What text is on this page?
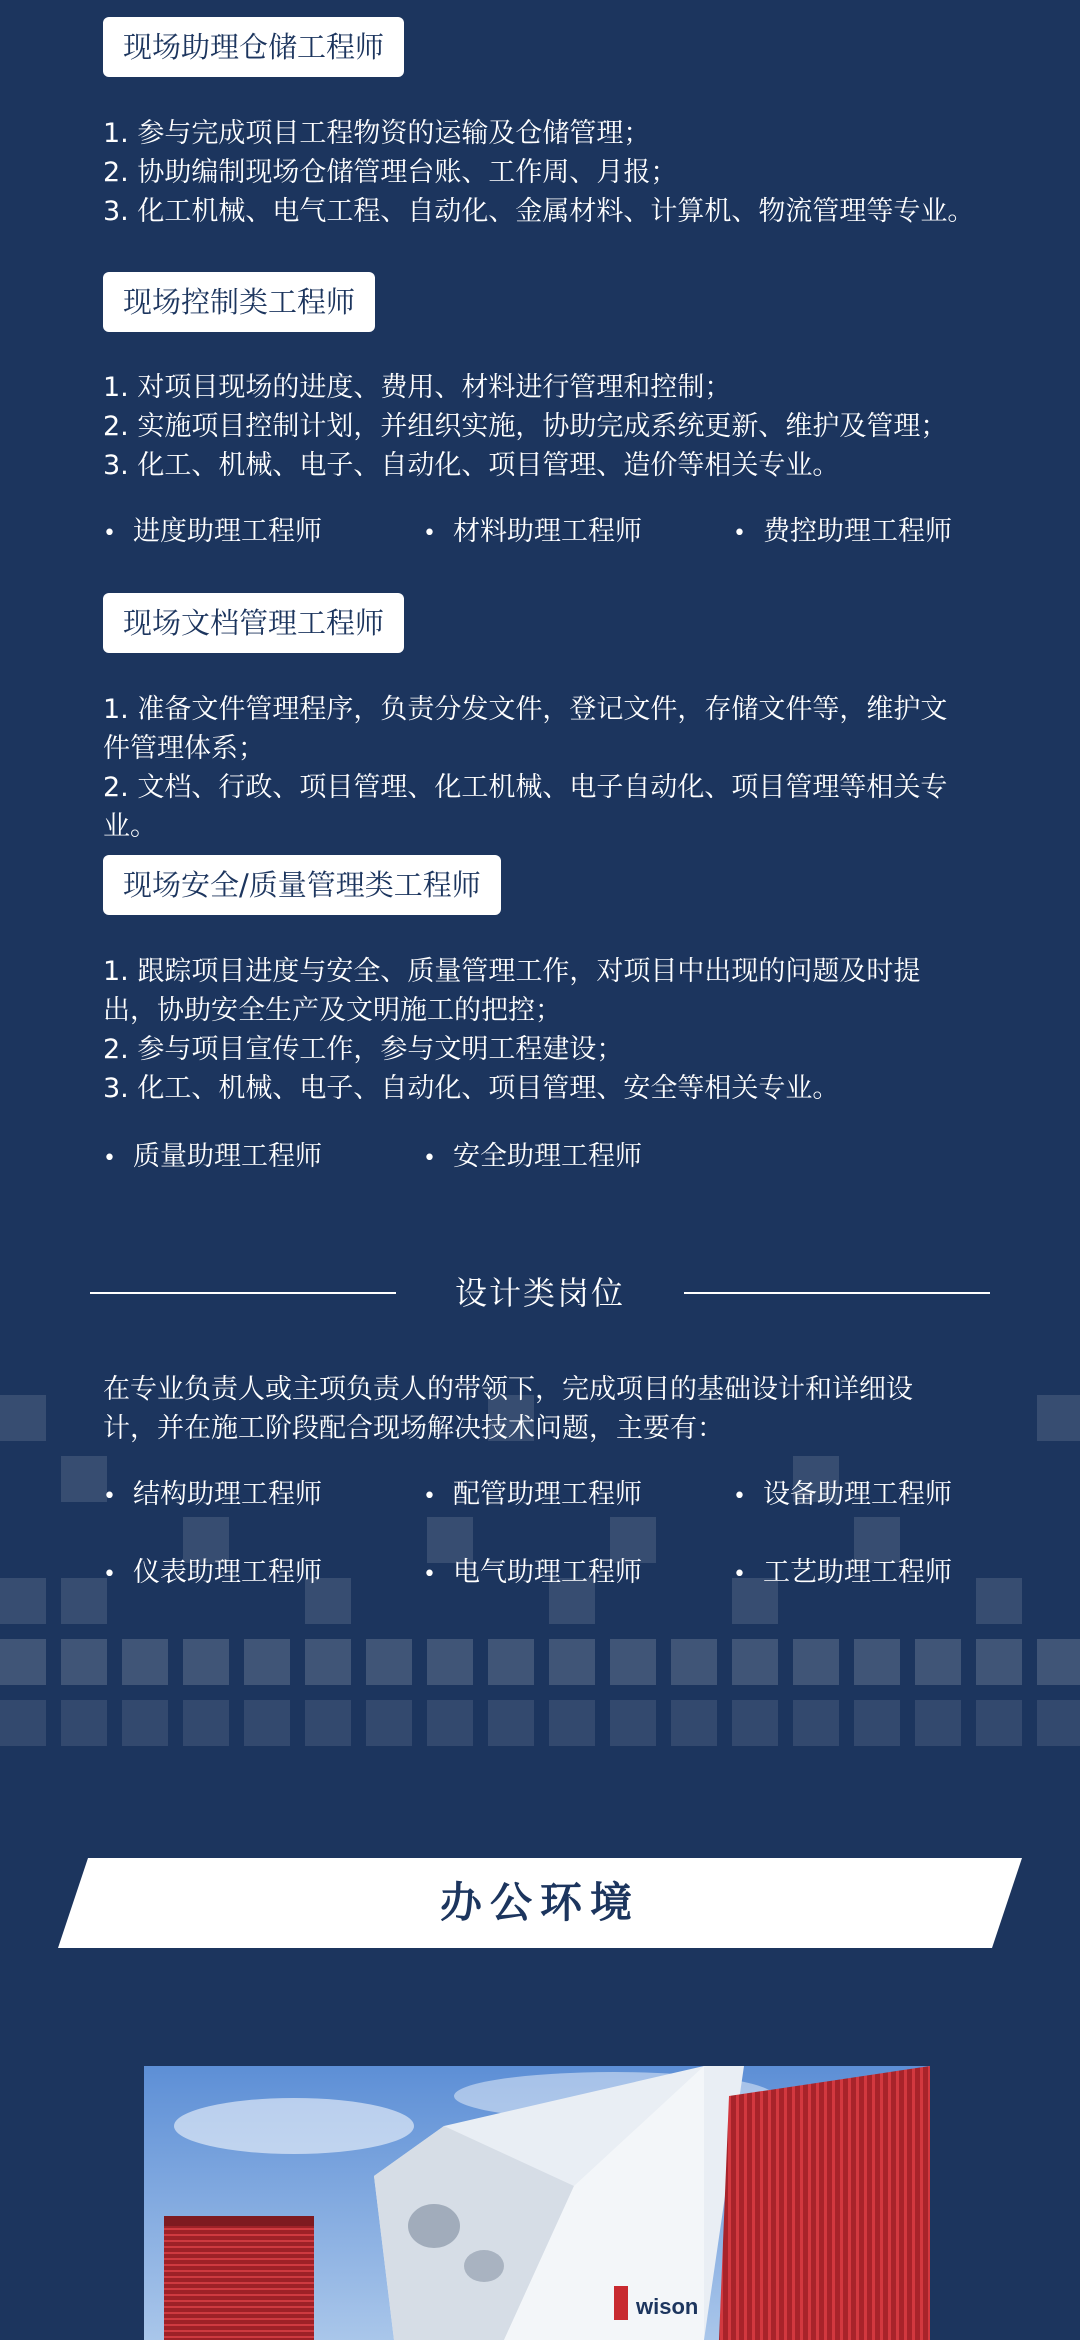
现场助理仓储工程师
1. 参与完成项目工程物资的运输及仓储管理；
2. 协助编制现场仓储管理台账、工作周、月报；
3. 化工机械、电气工程、自动化、金属材料、计算机、物流管理等专业。
现场控制类工程师
1. 对项目现场的进度、费用、材料进行管理和控制；
2. 实施项目控制计划，并组织实施，协助完成系统更新、维护及管理；
3. 化工、机械、电子、自动化、项目管理、造价等相关专业。
• 进度助理工程师	• 材料助理工程师	• 费控助理工程师
现场文档管理工程师
1. 准备文件管理程序，负责分发文件，登记文件，存储文件等，维护文
件管理体系；
2. 文档、行政、项目管理、化工机械、电子自动化、项目管理等相关专业。
现场安全/质量管理类工程师
1. 跟踪项目进度与安全、质量管理工作，对项目中出现的问题及时提
出，协助安全生产及文明施工的把控；
2. 参与项目宣传工作，参与文明工程建设；
3. 化工、机械、电子、自动化、项目管理、安全等相关专业。
• 质量助理工程师	• 安全助理工程师
设计类岗位
在专业负责人或主项负责人的带领下，完成项目的基础设计和详细设
计，并在施工阶段配合现场解决技术问题，主要有：
• 结构助理工程师	• 配管助理工程师	• 设备助理工程师
• 仪表助理工程师	• 电气助理工程师	• 工艺助理工程师
办公环境
wison
